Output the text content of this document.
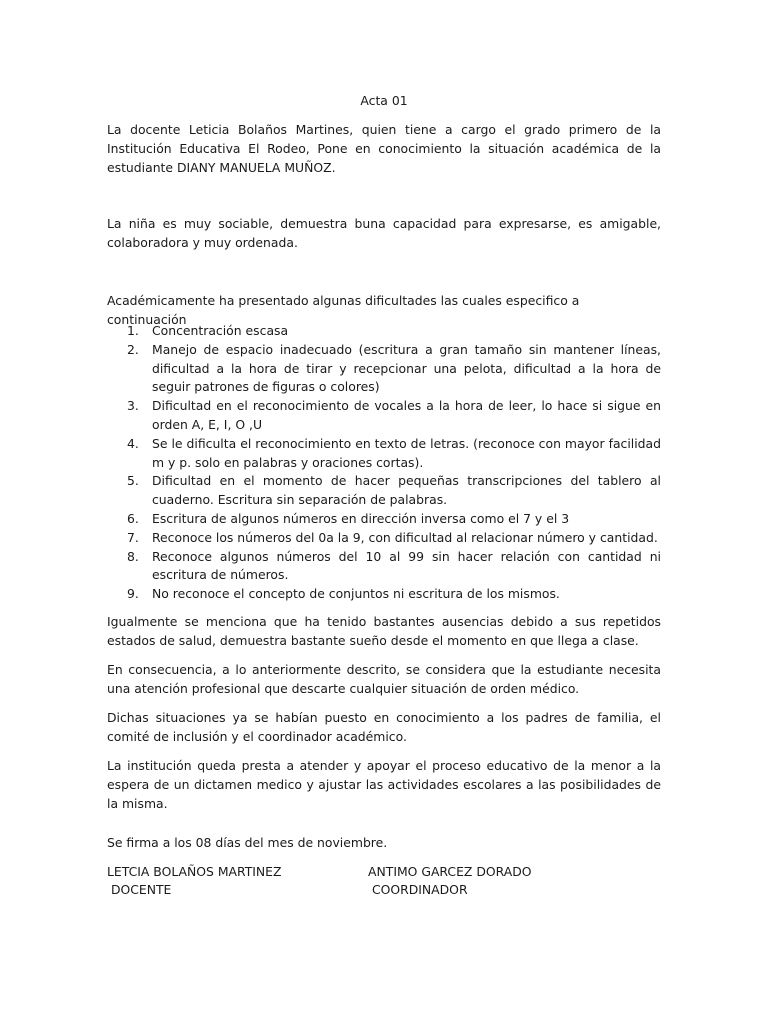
Acta 01

La docente Leticia Bolaños Martines, quien tiene a cargo el grado primero de la Institución Educativa El Rodeo, Pone en conocimiento la situación académica de la estudiante DIANY MANUELA MUÑOZ.

La niña es muy sociable, demuestra buna capacidad para expresarse, es amigable, colaboradora y muy ordenada.

Académicamente ha presentado algunas dificultades las cuales especifico a continuación

1. Concentración escasa
2. Manejo de espacio inadecuado (escritura a gran tamaño sin mantener líneas, dificultad a la hora de tirar y recepcionar una pelota, dificultad a la hora de seguir patrones de figuras o colores)
3. Dificultad en el reconocimiento de vocales a la hora de leer, lo hace si sigue en orden A, E, I, O ,U
4. Se le dificulta el reconocimiento en texto de letras. (reconoce con mayor facilidad m y p. solo en palabras y oraciones cortas).
5. Dificultad en el momento de hacer pequeñas transcripciones del tablero al cuaderno. Escritura sin separación de palabras.
6. Escritura de algunos números en dirección inversa como el 7 y el 3
7. Reconoce los números del 0a la 9, con dificultad al relacionar número y cantidad.
8. Reconoce algunos números del 10 al 99 sin hacer relación con cantidad ni escritura de números.
9. No reconoce el concepto de conjuntos ni escritura de los mismos.

Igualmente se menciona que ha tenido bastantes ausencias debido a sus repetidos estados de salud, demuestra bastante sueño desde el momento en que llega a clase.

En consecuencia, a lo anteriormente descrito, se considera que la estudiante necesita una atención profesional que descarte cualquier situación de orden médico.

Dichas situaciones ya se habían puesto en conocimiento a los padres de familia, el comité de inclusión y el coordinador académico.

La institución queda presta a atender y apoyar el proceso educativo de la menor a la espera de un dictamen medico y ajustar las actividades escolares a las posibilidades de la misma.

Se firma a los 08 días del mes de noviembre.

LETCIA BOLAÑOS MARTINEZ
DOCENTE
ANTIMO GARCEZ DORADO
COORDINADOR
